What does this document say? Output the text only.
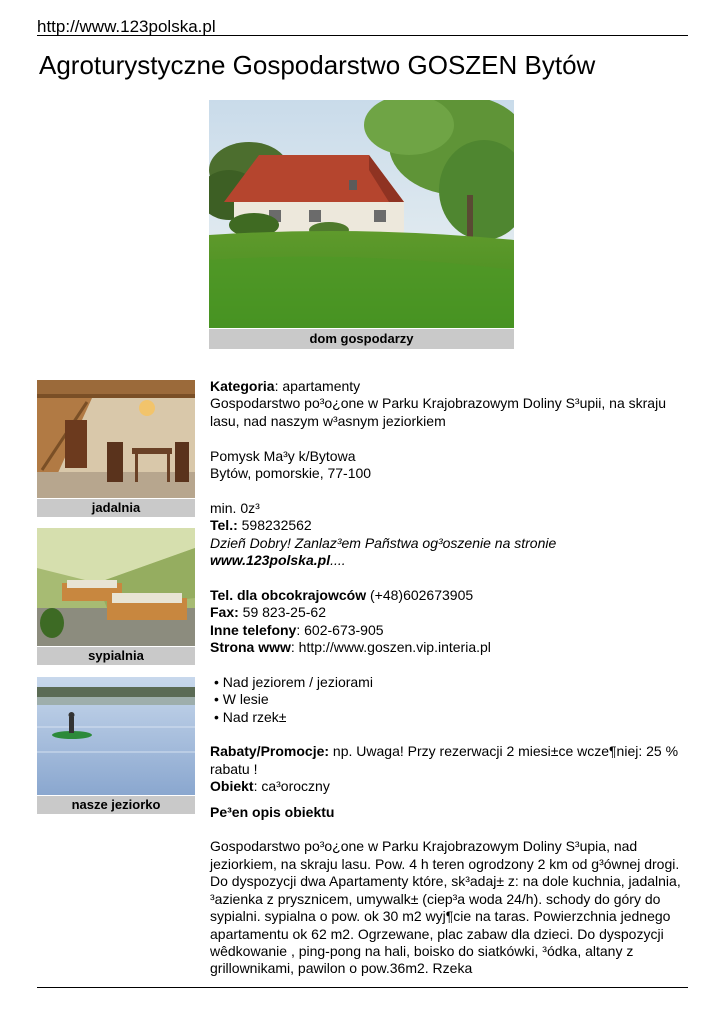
http://www.123polska.pl
Agroturystyczne Gospodarstwo GOSZEN Bytów
dom gospodarzy
jadalnia
sypialnia
nasze jeziorko

Kategoria: apartamenty

Gospodarstwo po³o¿one w Parku Krajobrazowym Doliny S³upii, na skraju lasu, nad naszym w³asnym jeziorkiem

Pomysk Ma³y k/Bytowa

Bytów, pomorskie, 77-100

min. 0z³

Tel.: 598232562

Dzieñ Dobry! Zanlaz³em Pañstwa og³oszenie na stronie www.123polska.pl....

Tel. dla obcokrajowców (+48)602673905

Fax: 59 823-25-62

Inne telefony: 602-673-905

Strona www: http://www.goszen.vip.interia.pl

• Nad jeziorem / jeziorami
• W lesie
• Nad rzek±

Rabaty/Promocje: np. Uwaga! Przy rezerwacji 2 miesi±ce wcze¶niej: 25 % rabatu !

Obiekt: ca³oroczny

Pe³en opis obiektu

Gospodarstwo po³o¿one w Parku Krajobrazowym Doliny S³upia, nad jeziorkiem, na skraju lasu. Pow. 4 h teren ogrodzony 2 km od g³ównej drogi. Do dyspozycji dwa Apartamenty które, sk³adaj± z: na dole kuchnia, jadalnia, ³azienka z prysznicem, umywalk± (ciep³a woda 24/h). schody do góry do sypialni. sypialna o pow. ok 30 m2 wyj¶cie na taras. Powierzchnia jednego apartamentu ok 62 m2. Ogrzewane, plac zabaw dla dzieci. Do dyspozycji wêdkowanie , ping-pong na hali, boisko do siatkówki, ³ódka, altany z grillownikami, pawilon o pow.36m2. Rzeka
